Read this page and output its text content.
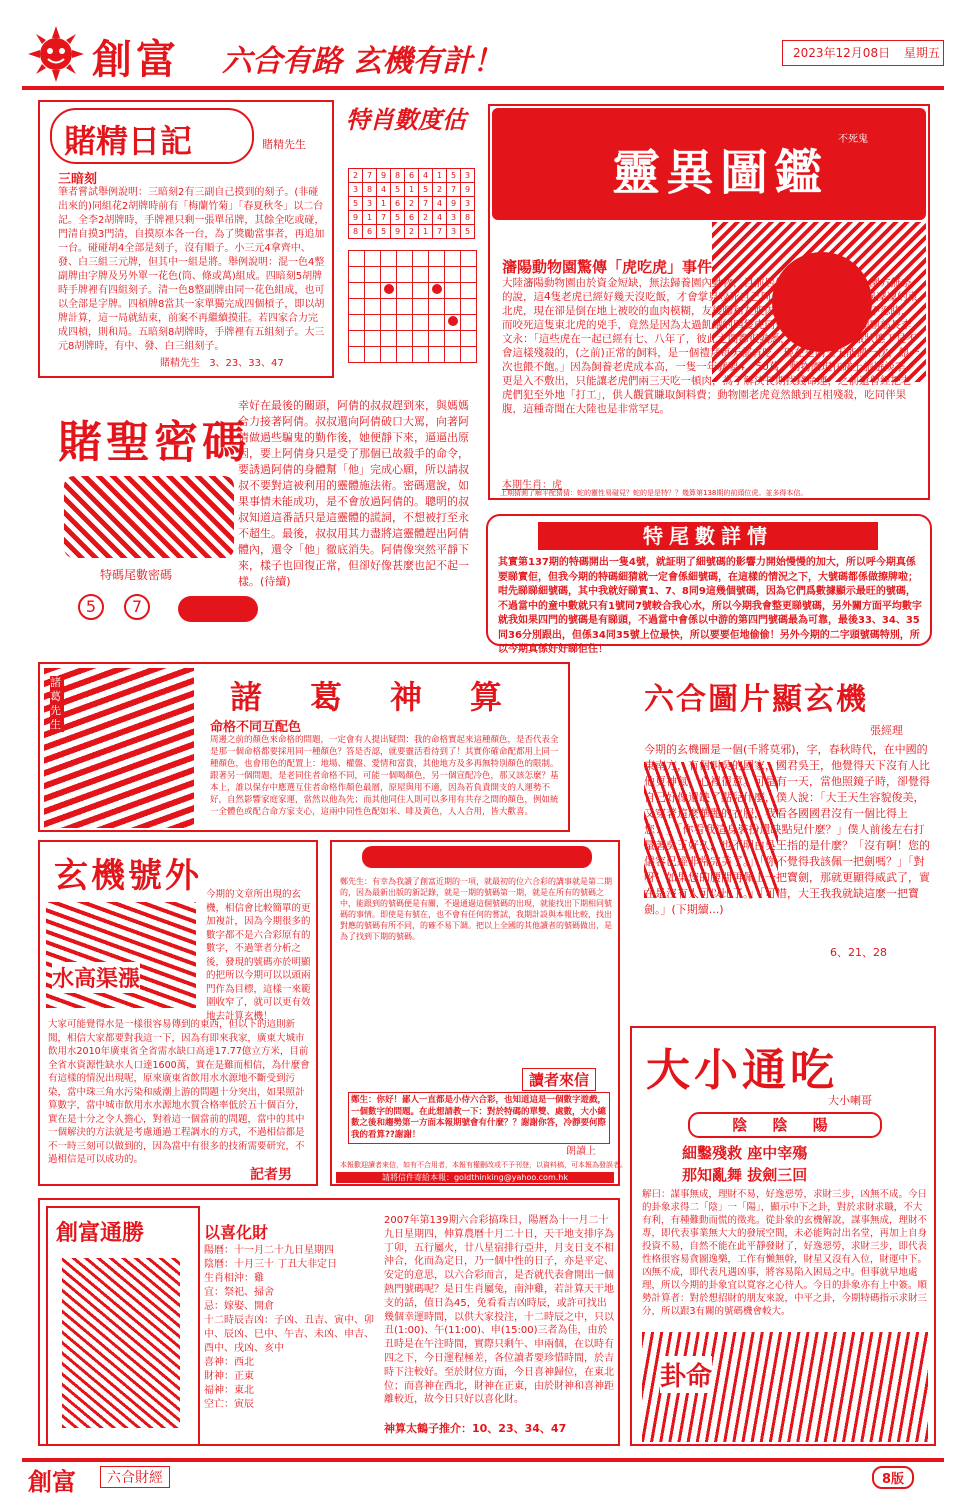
創富 六合有路 玄機有計！	2023年12月08日 星期五
賭精日記	賭精先生
三暗刻
筆者嘗試舉例說明：三暗刻2有三副自己摸到的刻子。(非碰出來的)同組花2胡牌時前有「梅蘭竹菊」「春夏秋冬」以二台記。全李2胡牌時，手牌裡只剩一張單吊牌，其餘全吃或碰，門清自摸3門清，自摸原本各一台，為了獎勵當事者，再追加一台。碰碰胡4全部是刻子，沒有順子。小三元4拿齊中、發、白三組三元牌，但其中一組是將。舉例說明：混一色4整副牌由字牌及另外單一花色(筒、條或萬)組成。四暗刻5胡牌時手牌裡有四組刻子。清一色8整副牌由同一花色組成，也可以全部是字牌。四槓牌8當其一家單獨完成四個槓子，即以胡牌計算，這一局就結束，前案不再繼續摸莊。若四家合力完成四槓，則和局。五暗刻8胡牌時，手牌裡有五組刻子。大三元8胡牌時，有中、發、白三組刻子。
賭精先生 3、23、33、47
特肖數度估
2	7	9	8	6	4	1	5	3
3	8	4	5	1	5	2	7	9
5	3	1	6	2	7	4	9	3
9	1	7	5	6	2	4	3	8
8	6	5	9	2	1	7	3	5

靈異圖鑑
不死鬼
瀋陽動物園驚傳「虎吃虎」事件
大陸瀋陽動物園由於資金短缺，無法歸養園內動物，目前居然發生虎吃虎事件。園方無奈的說，這4隻老虎已經好幾天沒吃飯，才會掌見咬死自己同伴充飢。平常總是威風凜凜的東北虎，現在卻是倒在地上被咬的血肉模糊，友後腳和左腹內臟手都不見，死狀慘不忍睹，而咬死這隻東北虎的兇手，竟然是因為太過飢餓的四隻虎同伴。瀋陽動物園管理副部長李文永：「這些虎在一起已經有七、八年了，彼此之間都很熟悉，如果不是在飢餓狀態下是不會這樣殘殺的，(之前)正常的飼料，是一個禮拜每天都有吃，現在是兩三天能餵一次，餵一次也餵不飽。」因為飼養老虎成本高，一隻一年就要4、50萬，動物園現在碰上旅遊淡季，更是入不敷出，只能讓老虎們兩三天吃一頓肉，為了解決長期找錢命運，之前還曾經把老虎們犯至外地「打工」，供人觀賞賺取飼料費；動物園老虎竟然餓到互相殘殺，吃同伴果腹，這種奇聞在大陸也是非常罕見。
本期生肖：虎
上期猜測了解平配猜猜：蛇的靈性易碰見？蛇的是是特？？幾算第138期的前頭位虎。並多得本信。
賭聖密碼
特碼尾數密碼
5	7
幸好在最後的關頭，阿倩的叔叔趕到來，與媽媽合力接著阿倩。叔叔還向阿倩破口大罵，向著阿倩做過些騙鬼的勤作後，她便靜下來，逼逼出原因，要上阿倩身只是受了那個已故殺手的命令，要誘過阿倩的身體幫「他」完成心願，所以請叔叔不要對這被利用的靈體施法術。密碼還說，如果事情未能成功，是不會放過阿倩的。聰明的叔叔知道這番話只是這靈體的謊詞，不想被打至永不超生。最後，叔叔用其力盡將這靈體趕出阿倩體內，還令「他」徹底消失。阿倩像突然平靜下來，樣子也回復正常，但卻好像甚麼也記不起一樣。(待續)
特尾數詳情
其實第137期的特碼開出一隻4號，就証明了細號碼的影響力開始慢慢的加大，所以呼今期真係要睇實佢，但我今期的特碼細猜就一定會係細號碼，在這樣的情況之下，大號碼都係做擦牌啦；咁先睇睇細號碼，其中我就好睇實1、7、8同9這幾個號碼，因為它們爲數據顯示最旺的號碼，不過當中的童中數就只有1號同7號較合我心水，所以今期我會整更睇號碼，另外關方面平均數字就我如果四門的號碼是有睇頭，不過當中會係以中游的第四門號碼最為可靠，最後33、34、35同36分別跟出，但係34同35號上位最快，所以要要佢地偷偷！另外今期的二字頭號碼特別，所以今期真係好好睇佢住！
諸葛先生
諸葛神算
命格不同互配色
周邊之前的顏色來命格的問題，一定會有人提出疑問：我的命格實起來這種顏色，是否代表全是那一個命格都要採用同一種顏色？答是否認，就要靈活看待到了！其實你確命配都用上同一種顏色，也會用色的配置上：地場、權盤、愛情和富貴，其他地方及多再無特別顏色的限制。跟著另一個問題，是老同住者命格不同，可能一個喝顏色，另一個宣配冷色，那又該怎麼？基本上，誰以保存中應選互住者命格作顏色最層，原屋與用不適，因為若負責開支的人運勢不好，自然影響家庭家運，當然以他為先；而其他同住人則可以多用有共存之間的顏色，例如統一全體色或配合命方家支心，這兩中同性色配如米、啡及黃色，人人合用，皆大歡喜。
六合圖片顯玄機
張經理
今期的玄機圖是一個(千將莫邪)，字，春秋時代，在中國的東南方，有個叫吳的國家，國君吳王，他覺得天下沒有人比他更神氣，心裡很意。可是有一天，當他照鏡子時，卻覺得自己好像還缺了點兒什麼，僕人說：「大王天生容貌俊美，又穿著這麼華麗的衣服，我看各國國君沒有一個比得上您！」「你看我這身裝扮還缺點兒什麼？」僕人前後左右打量著吳王好久，也不明白吳王指的是什麼？「沒有啊！您的儀容已經非常完美了。」「你不覺得我該佩一把劍嗎？」「對呀！如果您的腰間再佩上一把寶劍，那就更顯得威武了，實在是沒有人可以比了。」「可惜，大王我我就缺這麼一把寶劍。」(下期續...)
6、21、28
玄機號外
水高渠漲
今期的文章所出現的玄機，相信會比較簡單的更加複計，因為今期很多的數字都不是六合彩原有的數字，不過筆者分析之後，發現的號碼亦於明顯的把所以今期可以以頭兩門作為目標，這樣一來範圍收窄了，就可以更有效地去計算玄機！
大家可能覺得水是一樣很容易傳到的東西，但以下的這則新聞，相信大家都要對我這一下，因為有即來我家，廣東大城市飲用水2010年廣東省全省需水缺口高達17.77億立方米，目前全省水資源性缺水人口達1600萬，實在是難而相信，為什麼會有這樣的情況出現呢，原來廣東省飲用水水源地不斷受到污染，當中珠三角水污染和威潮上游的問題十分突出，如果照計算數字，當中城市飲用水水源地水質合格率低於五十個百分，實在是十分之令人擔心，對着這一個當前的問題，當中的其中一個解決的方法就是考慮通過工程調水的方式，不過相信都是不一時三刻可以做到的，因為當中有很多的技術需要研究，不過相信是可以成功的。
記者男
鄭先生：有幸為我讀了創富近期的一項，就最初的位六合彩的講事就是第二期的，因為最新出版的新記錄，就是一期的號碼第一期，就是在所有的號碼之中，能跟到的號碼便是有關，不過通過這個號碼的出現，就能找出下期相同號碼的事情。即使是有號在，也不會有任何的嘗試，我期計設與本報比較，找出對應的號碼有所不同，的確不易下調。把以上全國的其他讀者的號碼做出，是為了找到下期的號碼。
讀者來信
鄭生：你好！鄙人一直都是小侍六合彩，也知道這是一個數字遊戲，一個數字的問題。在此想請教一下：對於特碼的單雙、處數，大小總數之後和趨勢第一方面本報期號會有什麼？？謝謝你答，冷靜要何際我的看算??謝謝！
朗讀上
本報歡迎讀者來信，如有不合用者，本報有權刪改或不予刊登，以資料稿，可本報為發誤者。
請將信件寄給本報：goldthinking@yahoo.com.hk
大小通吃
大小喇哥
陰 陰 陽
細鑿殘救 座中宰殤
那知亂舞 拔劍三回
解曰：謀事無成，理財不易，好逸惡勞，求財三步，凶無不成。今日的卦象求得二「陰」一「陽」，顯示中下之卦，對於求財求職，不大有利，有種難動而慌的徵兆。從卦象的玄機解說，謀事無成，理財不專，即代表事業無大大的發展空間，未必能夠討出名堂，再加上自身投資不易，自然不能在此平靜發財了，好逸惡勞，求財三步，即代表性格很容易貪圖逸樂，工作有懶無幹，財星又沒有入位，財運中下。凶無不成，即代表凡遇凶事，將容易陷入困局之中。但事就早地處理，所以今期的卦象宜以寬容之心待人。今日的卦象亦有上中簽。順勢計算者：對於想招財的朋友來說，中平之卦，今期特碼指示求財三分，所以跟3有關的號碼機會較大。
卦命
創富通勝	以喜化財
陽曆：十一月二十九日星期四
陰曆：十月三十 丁丑大非定日
生肖相沖：雞
宜：祭祀、掃舍
忌：嫁娶、開倉
十二時辰吉凶：子凶、丑吉、寅中、卯中、辰凶、巳中、午吉、未凶、申吉、酉中、戌凶、亥中
喜神：西北
財神：正東
福神：東北
空亡：寅辰
2007年第139期六合彩搞珠日，陽曆為十一月二十九日星期四，伸算農曆十月二十日，天干地支排序為丁卯，五行屬火，廿八星宿排行亞井，月支日支不相沖合，化而為定日，乃一個中性的日子，亦是平定、安定的意思，以六合彩而言，是否就代表會開出一個熱門號碼呢？是日生肖屬兔，南沖雞，若計算天干地支的話，值日為45，免看看吉凶時辰，或許可找出幾個幸運時間，以供大家投注，十二時辰之中，只以丑(1:00)、午(11:00)、申(15:00)三者為佳，由於丑時是在午注時間，實際只剩午、申兩個，在以時有四之下，今日運程極差，各位讀者要珍惜時間，於吉時下注較好。至於財位方面，今日喜神歸位，在東北位；而喜神在西北，財神在正東，由於財神和喜神距離較近，故今日只好以喜化財。
神算太鶴子推介：10、23、34、47
創富	六合財經	8版
